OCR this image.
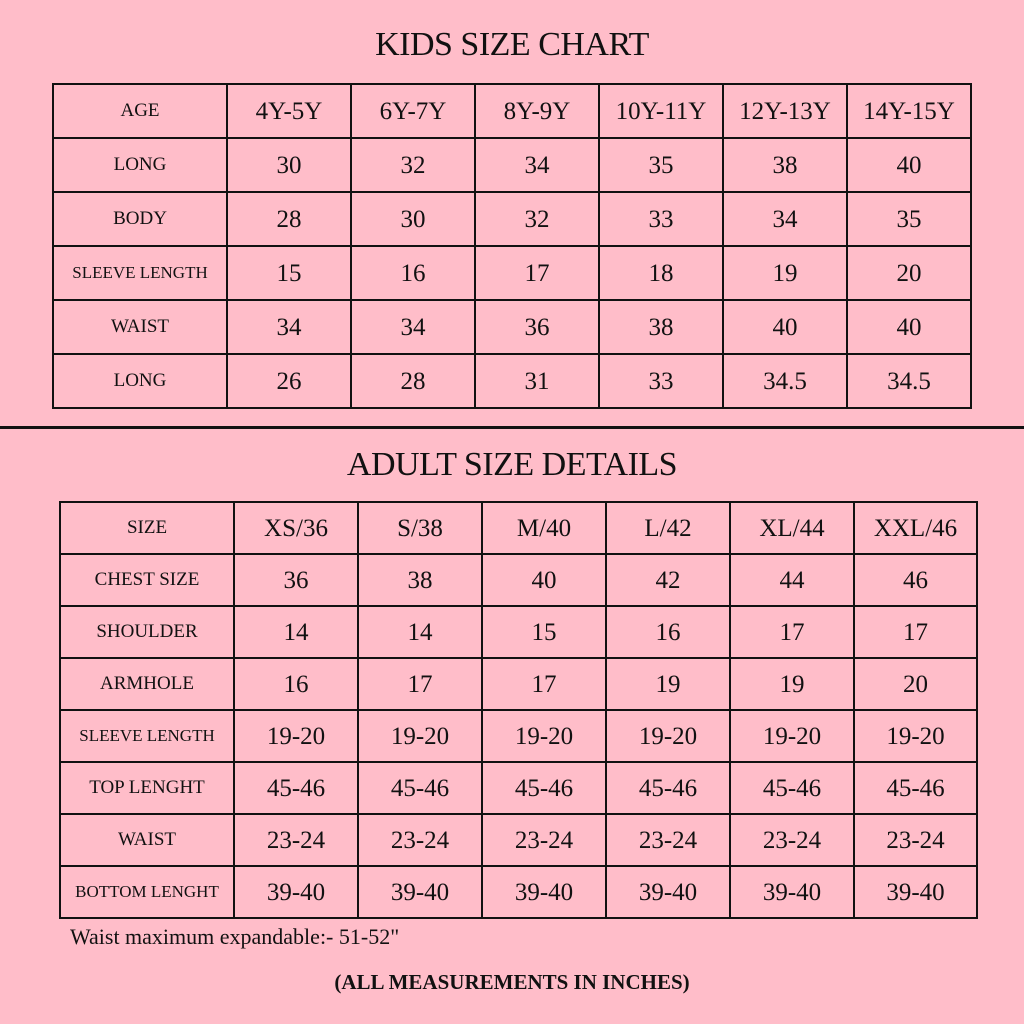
KIDS SIZE CHART
AGE	4Y-5Y	6Y-7Y	8Y-9Y	10Y-11Y	12Y-13Y	14Y-15Y
LONG	30	32	34	35	38	40
BODY	28	30	32	33	34	35
SLEEVE LENGTH	15	16	17	18	19	20
WAIST	34	34	36	38	40	40
LONG	26	28	31	33	34.5	34.5
ADULT SIZE DETAILS
SIZE	XS/36	S/38	M/40	L/42	XL/44	XXL/46
CHEST SIZE	36	38	40	42	44	46
SHOULDER	14	14	15	16	17	17
ARMHOLE	16	17	17	19	19	20
SLEEVE LENGTH	19-20	19-20	19-20	19-20	19-20	19-20
TOP LENGHT	45-46	45-46	45-46	45-46	45-46	45-46
WAIST	23-24	23-24	23-24	23-24	23-24	23-24
BOTTOM LENGHT	39-40	39-40	39-40	39-40	39-40	39-40
Waist maximum expandable:- 51-52"
(ALL MEASUREMENTS IN INCHES)
